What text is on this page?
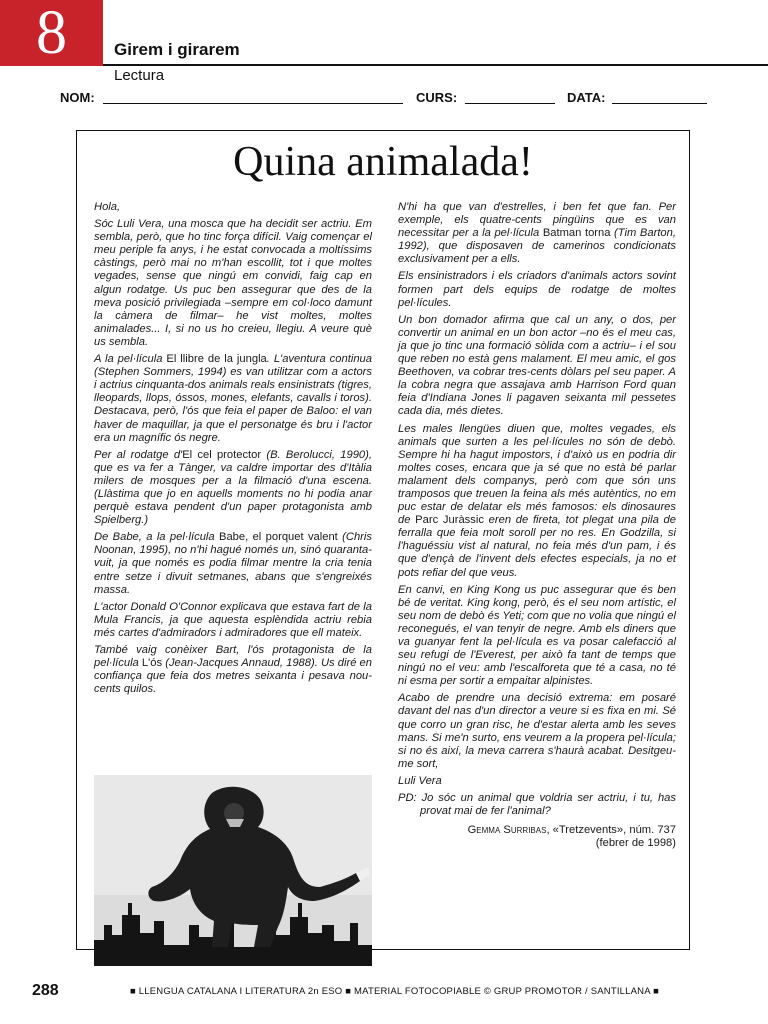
8	Girem i girarem
Lectura
NOM:	CURS:	DATA:
Quina animalada!

Hola,

Sóc Luli Vera, una mosca que ha decidit ser actriu. Em sembla, però, que ho tinc força difícil. Vaig començar el meu periple fa anys, i he estat convocada a moltíssims càstings, però mai no m'han escollit, tot i que moltes vegades, sense que ningú em convidi, faig cap en algun rodatge. Us puc ben assegurar que des de la meva posició privilegiada –sempre em col·loco damunt la càmera de filmar– he vist moltes, moltes animalades... I, si no us ho creieu, llegiu. A veure què us sembla.

A la pel·lícula El llibre de la jungla. L'aventura continua (Stephen Sommers, 1994) es van utilitzar com a actors i actrius cinquanta-dos animals reals ensinistrats (tigres, lleopards, llops, óssos, mones, elefants, cavalls i toros). Destacava, però, l'ós que feia el paper de Baloo: el van haver de maquillar, ja que el personatge és bru i l'actor era un magnífic ós negre.

Per al rodatge d'El cel protector (B. Berolucci, 1990), que es va fer a Tànger, va caldre importar des d'Itàlia milers de mosques per a la filmació d'una escena. (Llàstima que jo en aquells moments no hi podia anar perquè estava pendent d'un paper protagonista amb Spielberg.)

De Babe, a la pel·lícula Babe, el porquet valent (Chris Noonan, 1995), no n'hi hagué només un, sinó quaranta-vuit, ja que només es podia filmar mentre la cria tenia entre setze i divuit setmanes, abans que s'engreixés massa.

L'actor Donald O'Connor explicava que estava fart de la Mula Francis, ja que aquesta esplèndida actriu rebia més cartes d'admiradors i admiradores que ell mateix.

També vaig conèixer Bart, l'ós protagonista de la pel·lícula L'ós (Jean-Jacques Annaud, 1988). Us diré en confiança que feia dos metres seixanta i pesava nou-cents quilos.

N'hi ha que van d'estrelles, i ben fet que fan. Per exemple, els quatre-cents pingüins que es van necessitar per a la pel·lícula Batman torna (Tim Barton, 1992), que disposaven de camerinos condicionats exclusivament per a ells.

Els ensinistradors i els criadors d'animals actors sovint formen part dels equips de rodatge de moltes pel·lícules.

Un bon domador afirma que cal un any, o dos, per convertir un animal en un bon actor –no és el meu cas, ja que jo tinc una formació sòlida com a actriu– i el sou que reben no està gens malament. El meu amic, el gos Beethoven, va cobrar tres-cents dòlars pel seu paper. A la cobra negra que assajava amb Harrison Ford quan feia d'Indiana Jones li pagaven seixanta mil pessetes cada dia, més dietes.

Les males llengües diuen que, moltes vegades, els animals que surten a les pel·lícules no són de debò. Sempre hi ha hagut impostors, i d'això us en podria dir moltes coses, encara que ja sé que no està bé parlar malament dels companys, però com que són uns tramposos que treuen la feina als més autèntics, no em puc estar de delatar els més famosos: els dinosaures de Parc Juràssic eren de fireta, tot plegat una pila de ferralla que feia molt soroll per no res. En Godzilla, si l'haguéssiu vist al natural, no feia més d'un pam, i és que d'ençà de l'invent dels efectes especials, ja no et pots refiar del que veus.

En canvi, en King Kong us puc assegurar que és ben bé de veritat. King kong, però, és el seu nom artístic, el seu nom de debò és Yeti; com que no volia que ningú el reconegués, el van tenyir de negre. Amb els diners que va guanyar fent la pel·lícula es va posar calefacció al seu refugi de l'Everest, per això fa tant de temps que ningú no el veu: amb l'escalforeta que té a casa, no té ni esma per sortir a empaitar alpinistes.

Acabo de prendre una decisió extrema: em posaré davant del nas d'un director a veure si es fixa en mi. Sé que corro un gran risc, he d'estar alerta amb les seves mans. Si me'n surto, ens veurem a la propera pel·lícula; si no és així, la meva carrera s'haurà acabat. Desitgeu-me sort,

Luli Vera

PD: Jo sóc un animal que voldria ser actriu, i tu, has provat mai de fer l'animal?

Gemma Surribas, «Tretzevents», núm. 737

(febrer de 1998)

288	■ LLENGUA CATALANA I LITERATURA 2n ESO ■ MATERIAL FOTOCOPIABLE © GRUP PROMOTOR / SANTILLANA ■
